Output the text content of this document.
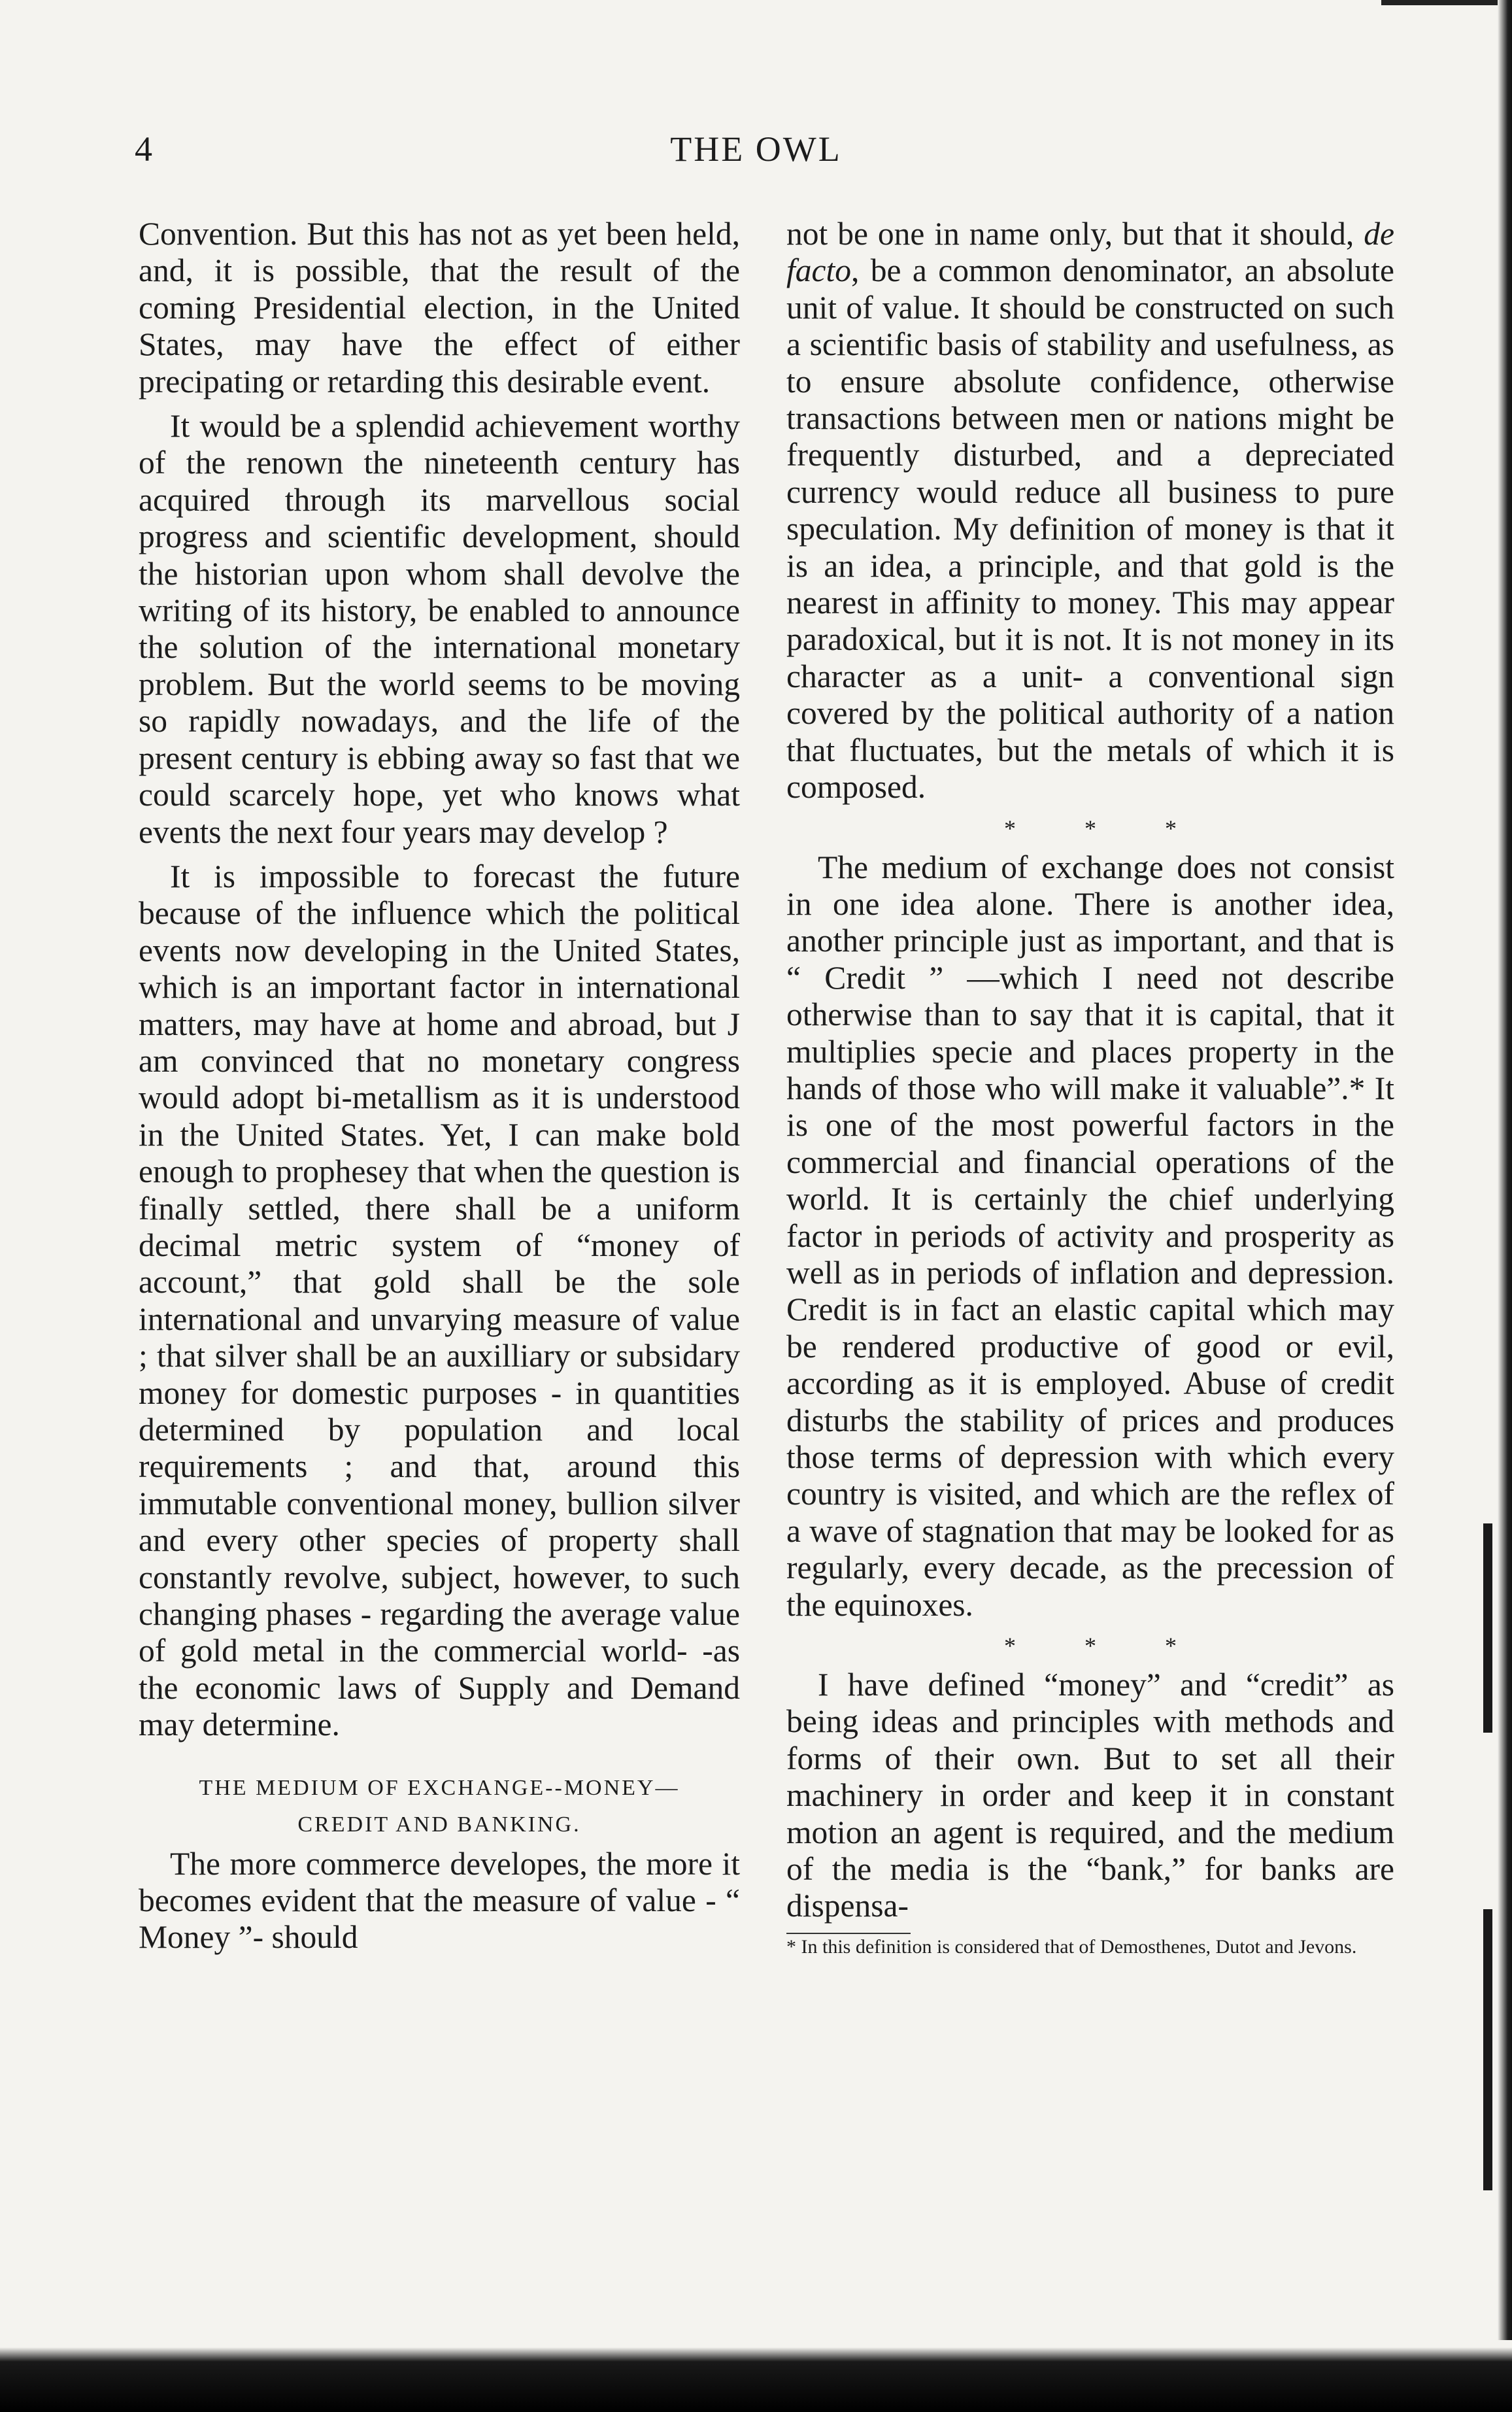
4	THE OWL

Convention. But this has not as yet been held, and, it is possible, that the result of the coming Presidential election, in the United States, may have the effect of either precipating or retarding this desirable event.

It would be a splendid achievement worthy of the renown the nineteenth century has acquired through its marvellous social progress and scientific development, should the historian upon whom shall devolve the writing of its history, be enabled to announce the solution of the international monetary problem. But the world seems to be moving so rapidly nowadays, and the life of the present century is ebbing away so fast that we could scarcely hope, yet who knows what events the next four years may develop ?

It is impossible to forecast the future because of the influence which the political events now developing in the United States, which is an important factor in international matters, may have at home and abroad, but J am convinced that no monetary congress would adopt bi-metallism as it is understood in the United States. Yet, I can make bold enough to prophesey that when the question is finally settled, there shall be a uniform decimal metric system of “money of account,” that gold shall be the sole international and unvarying measure of value ; that silver shall be an auxilliary or subsidary money for domestic purposes - in quantities determined by population and local requirements ; and that, around this immutable conventional money, bullion silver and every other species of property shall constantly revolve, subject, however, to such changing phases - regarding the average value of gold metal in the commercial world- -as the economic laws of Supply and Demand may determine.

THE MEDIUM OF EXCHANGE--MONEY—
CREDIT AND BANKING.

The more commerce developes, the more it becomes evident that the measure of value - “ Money ”- should

not be one in name only, but that it should, de facto, be a common denominator, an absolute unit of value. It should be constructed on such a scientific basis of stability and usefulness, as to ensure absolute confidence, otherwise transactions between men or nations might be frequently disturbed, and a depreciated currency would reduce all business to pure speculation. My definition of money is that it is an idea, a principle, and that gold is the nearest in affinity to money. This may appear paradoxical, but it is not. It is not money in its character as a unit- a conventional sign covered by the political authority of a nation that fluctuates, but the metals of which it is composed.

* * *

The medium of exchange does not consist in one idea alone. There is another idea, another principle just as important, and that is “ Credit ” —which I need not describe otherwise than to say that it is capital, that it multiplies specie and places property in the hands of those who will make it valuable”.* It is one of the most powerful factors in the commercial and financial operations of the world. It is certainly the chief underlying factor in periods of activity and prosperity as well as in periods of inflation and depression. Credit is in fact an elastic capital which may be rendered productive of good or evil, according as it is employed. Abuse of credit disturbs the stability of prices and produces those terms of depression with which every country is visited, and which are the reflex of a wave of stagnation that may be looked for as regularly, every decade, as the precession of the equinoxes.

* * *

I have defined “money” and “credit” as being ideas and principles with methods and forms of their own. But to set all their machinery in order and keep it in constant motion an agent is required, and the medium of the media is the “bank,” for banks are dispensa-

* In this definition is considered that of Demosthenes, Dutot and Jevons.
